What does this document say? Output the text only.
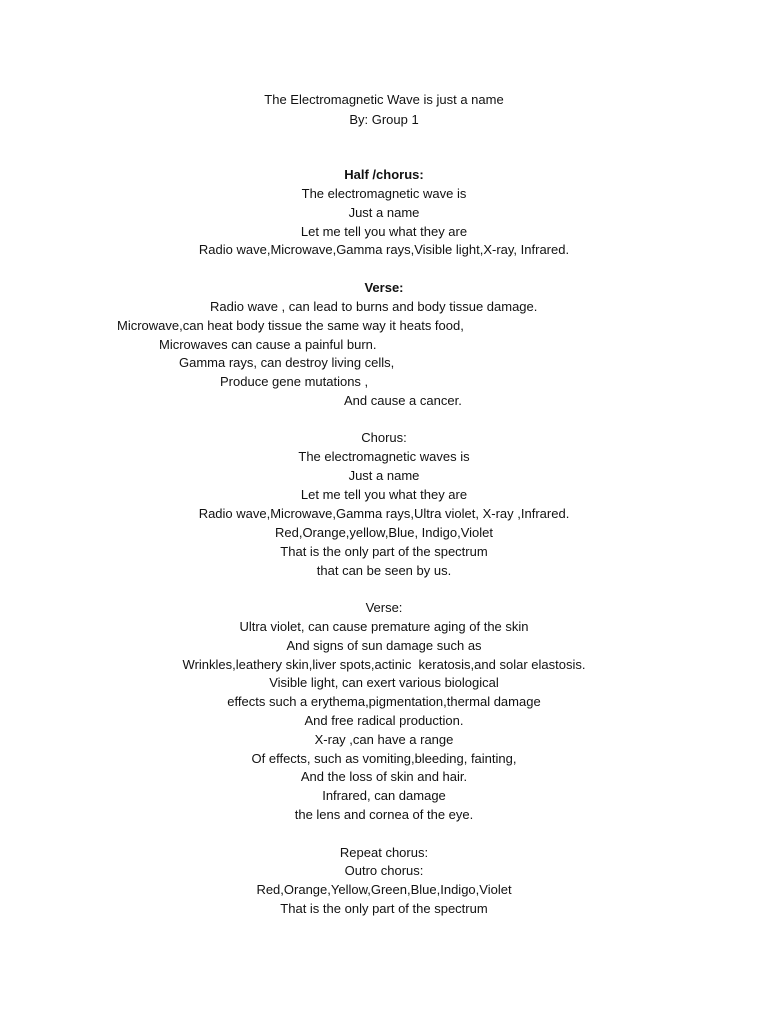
The Electromagnetic Wave is just a name

By: Group 1

Half /chorus:

The electromagnetic wave is

Just a name

Let me tell you what they are

Radio wave,Microwave,Gamma rays,Visible light,X-ray, Infrared.

Verse:

Radio wave , can lead to burns and body tissue damage.

Microwave,can heat body tissue the same way it heats food,

Microwaves can cause a painful burn.

Gamma rays, can destroy living cells,

Produce gene mutations ,

And cause a cancer.

Chorus:

The electromagnetic waves is

Just a name

Let me tell you what they are

Radio wave,Microwave,Gamma rays,Ultra violet, X-ray ,Infrared.

Red,Orange,yellow,Blue, Indigo,Violet

That is the only part of the spectrum

that can be seen by us.

Verse:

Ultra violet, can cause premature aging of the skin

And signs of sun damage such as

Wrinkles,leathery skin,liver spots,actinic  keratosis,and solar elastosis.

Visible light, can exert various biological

effects such a erythema,pigmentation,thermal damage

And free radical production.

X-ray ,can have a range

Of effects, such as vomiting,bleeding, fainting,

And the loss of skin and hair.

Infrared, can damage

the lens and cornea of the eye.

Repeat chorus:

Outro chorus:

Red,Orange,Yellow,Green,Blue,Indigo,Violet

That is the only part of the spectrum
